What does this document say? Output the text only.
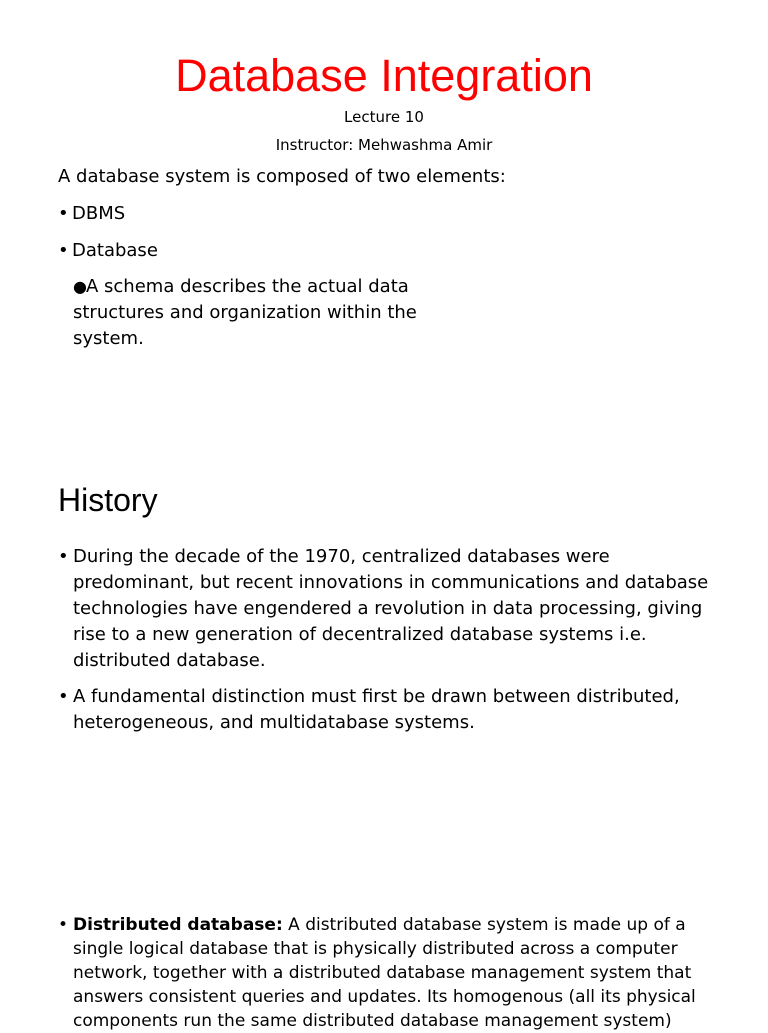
Database Integration
Lecture 10
Instructor: Mehwashma Amir
A database system is composed of two elements:
• DBMS
• Database
● A schema describes the actual data structures and organization within the system.
History
• During the decade of the 1970, centralized databases were predominant, but recent innovations in communications and database technologies have engendered a revolution in data processing, giving rise to a new generation of decentralized database systems i.e. distributed database.
• A fundamental distinction must first be drawn between distributed, heterogeneous, and multidatabase systems.
• Distributed database: A distributed database system is made up of a single logical database that is physically distributed across a computer network, together with a distributed database management system that answers consistent queries and updates. Its homogenous (all its physical components run the same distributed database management system)
